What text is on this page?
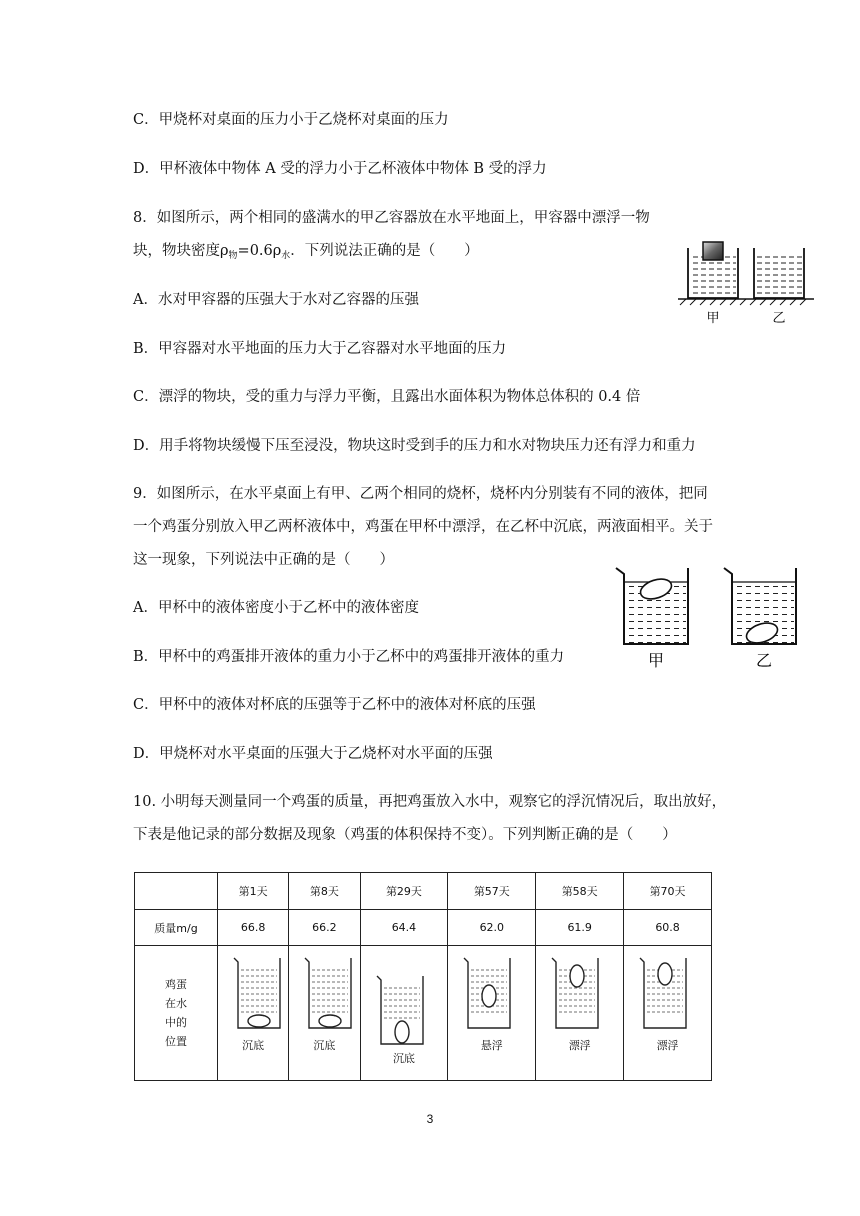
C．甲烧杯对桌面的压力小于乙烧杯对桌面的压力
D．甲杯液体中物体 A 受的浮力小于乙杯液体中物体 B 受的浮力
8．如图所示，两个相同的盛满水的甲乙容器放在水平地面上，甲容器中漂浮一物
块，物块密度$\rho_物=0.6\rho_水$．下列说法正确的是（　　）
A．水对甲容器的压强大于水对乙容器的压强
B．甲容器对水平地面的压力大于乙容器对水平地面的压力
C．漂浮的物块，受的重力与浮力平衡，且露出水面体积为物体总体积的 0.4 倍
D．用手将物块缓慢下压至浸没，物块这时受到手的压力和水对物块压力还有浮力和重力
甲	乙
9．如图所示，在水平桌面上有甲、乙两个相同的烧杯，烧杯内分别装有不同的液体，把同
一个鸡蛋分别放入甲乙两杯液体中，鸡蛋在甲杯中漂浮，在乙杯中沉底，两液面相平。关于
这一现象，下列说法中正确的是（　　）
A．甲杯中的液体密度小于乙杯中的液体密度
B．甲杯中的鸡蛋排开液体的重力小于乙杯中的鸡蛋排开液体的重力
C．甲杯中的液体对杯底的压强等于乙杯中的液体对杯底的压强
D．甲烧杯对水平桌面的压强大于乙烧杯对水平面的压强
甲	乙
10. 小明每天测量同一个鸡蛋的质量，再把鸡蛋放入水中，观察它的浮沉情况后，取出放好，
下表是他记录的部分数据及现象（鸡蛋的体积保持不变）。下列判断正确的是（　　）
	第1天	第8天	第29天	第57天	第58天	第70天
质量m/g	66.8	66.2	64.4	62.0	61.9	60.8

鸡蛋
在水
中的
位置	沉底	沉底	沉底	悬浮	漂浮	漂浮
3
